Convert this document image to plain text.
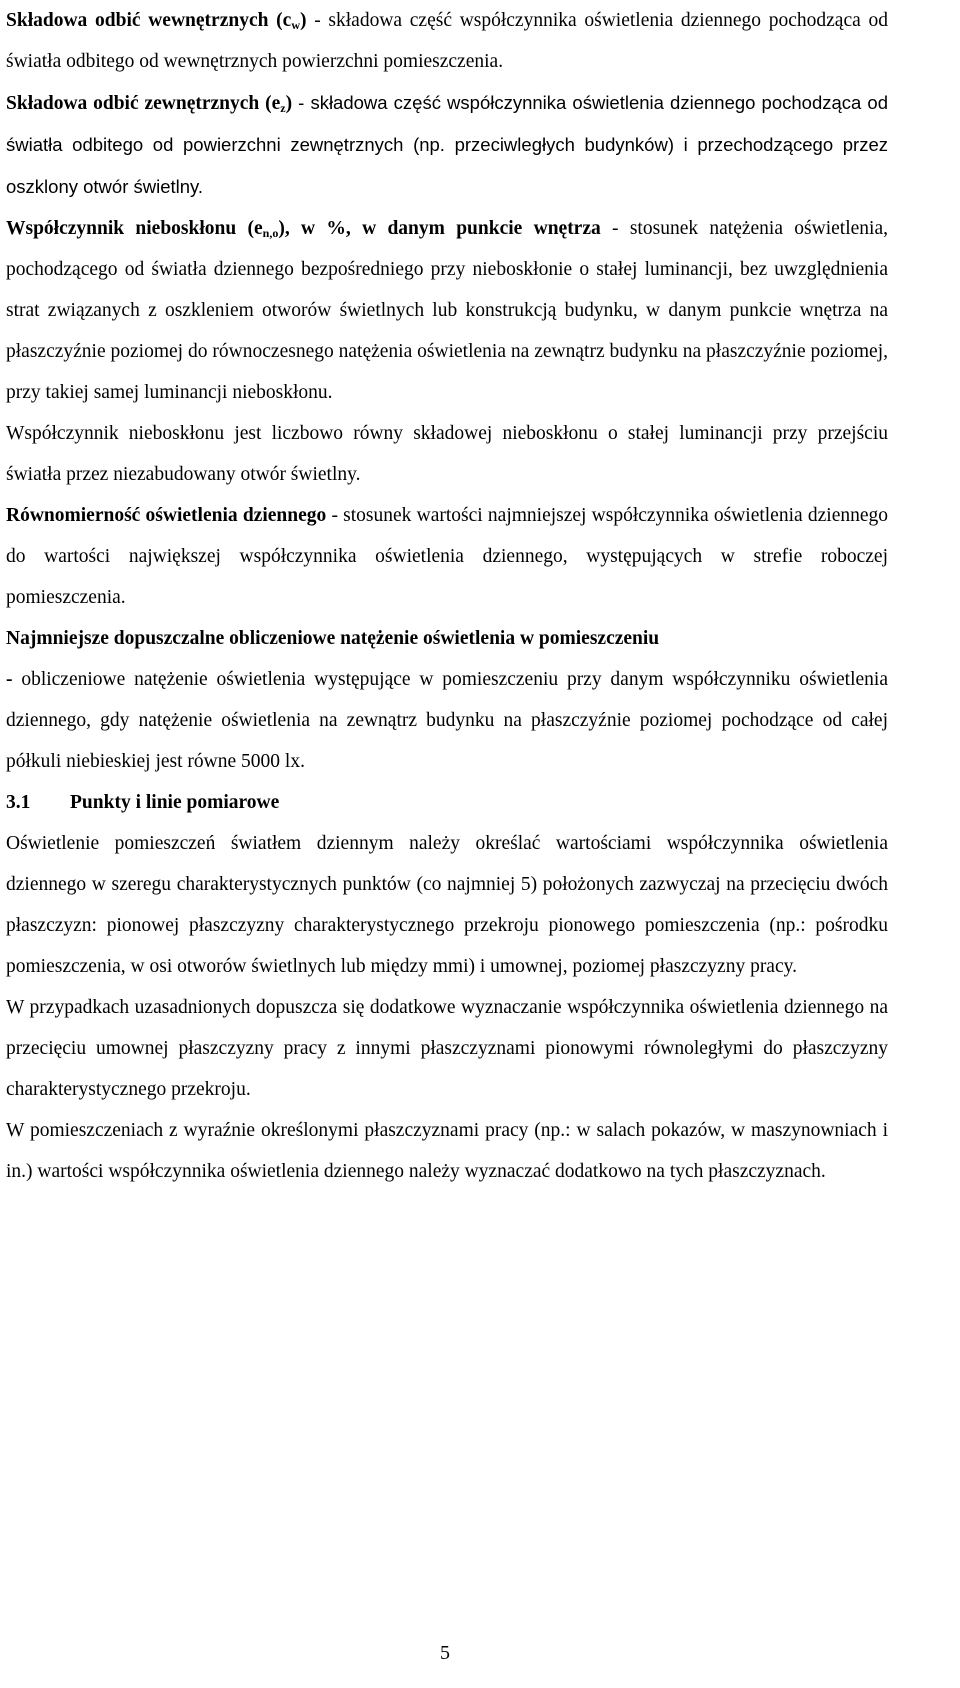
Składowa odbić wewnętrznych $(c_w)$ - składowa część współczynnika oświetlenia dziennego pochodząca od światła odbitego od wewnętrznych powierzchni pomieszczenia.

Składowa odbić zewnętrznych $(e_z)$ - składowa część współczynnika oświetlenia dziennego pochodząca od światła odbitego od powierzchni zewnętrznych (np. przeciwległych budynków) i przechodzącego przez oszklony otwór świetlny.

Współczynnik nieboskłonu $(e_{n,o})$, w %, w danym punkcie wnętrza - stosunek natężenia oświetlenia, pochodzącego od światła dziennego bezpośredniego przy nieboskłonie o stałej luminancji, bez uwzględnienia strat związanych z oszkleniem otworów świetlnych lub konstrukcją budynku, w danym punkcie wnętrza na płaszczyźnie poziomej do równoczesnego natężenia oświetlenia na zewnątrz budynku na płaszczyźnie poziomej, przy takiej samej luminancji nieboskłonu.

Współczynnik nieboskłonu jest liczbowo równy składowej nieboskłonu o stałej luminancji przy przejściu światła przez niezabudowany otwór świetlny.

Równomierność oświetlenia dziennego - stosunek wartości najmniejszej współczynnika oświetlenia dziennego do wartości największej współczynnika oświetlenia dziennego, występujących w strefie roboczej pomieszczenia.

Najmniejsze dopuszczalne obliczeniowe natężenie oświetlenia w pomieszczeniu
- obliczeniowe natężenie oświetlenia występujące w pomieszczeniu przy danym współczynniku oświetlenia dziennego, gdy natężenie oświetlenia na zewnątrz budynku na płaszczyźnie poziomej pochodzące od całej półkuli niebieskiej jest równe 5000 lx.

3.1 Punkty i linie pomiarowe

Oświetlenie pomieszczeń światłem dziennym należy określać wartościami współczynnika oświetlenia dziennego w szeregu charakterystycznych punktów (co najmniej 5) położonych zazwyczaj na przecięciu dwóch płaszczyzn: pionowej płaszczyzny charakterystycznego przekroju pionowego pomieszczenia (np.: pośrodku pomieszczenia, w osi otworów świetlnych lub między mmi) i umownej, poziomej płaszczyzny pracy.

W przypadkach uzasadnionych dopuszcza się dodatkowe wyznaczanie współczynnika oświetlenia dziennego na przecięciu umownej płaszczyzny pracy z innymi płaszczyznami pionowymi równoległymi do płaszczyzny charakterystycznego przekroju.

W pomieszczeniach z wyraźnie określonymi płaszczyznami pracy (np.: w salach pokazów, w maszynowniach i in.) wartości współczynnika oświetlenia dziennego należy wyznaczać dodatkowo na tych płaszczyznach.

5
